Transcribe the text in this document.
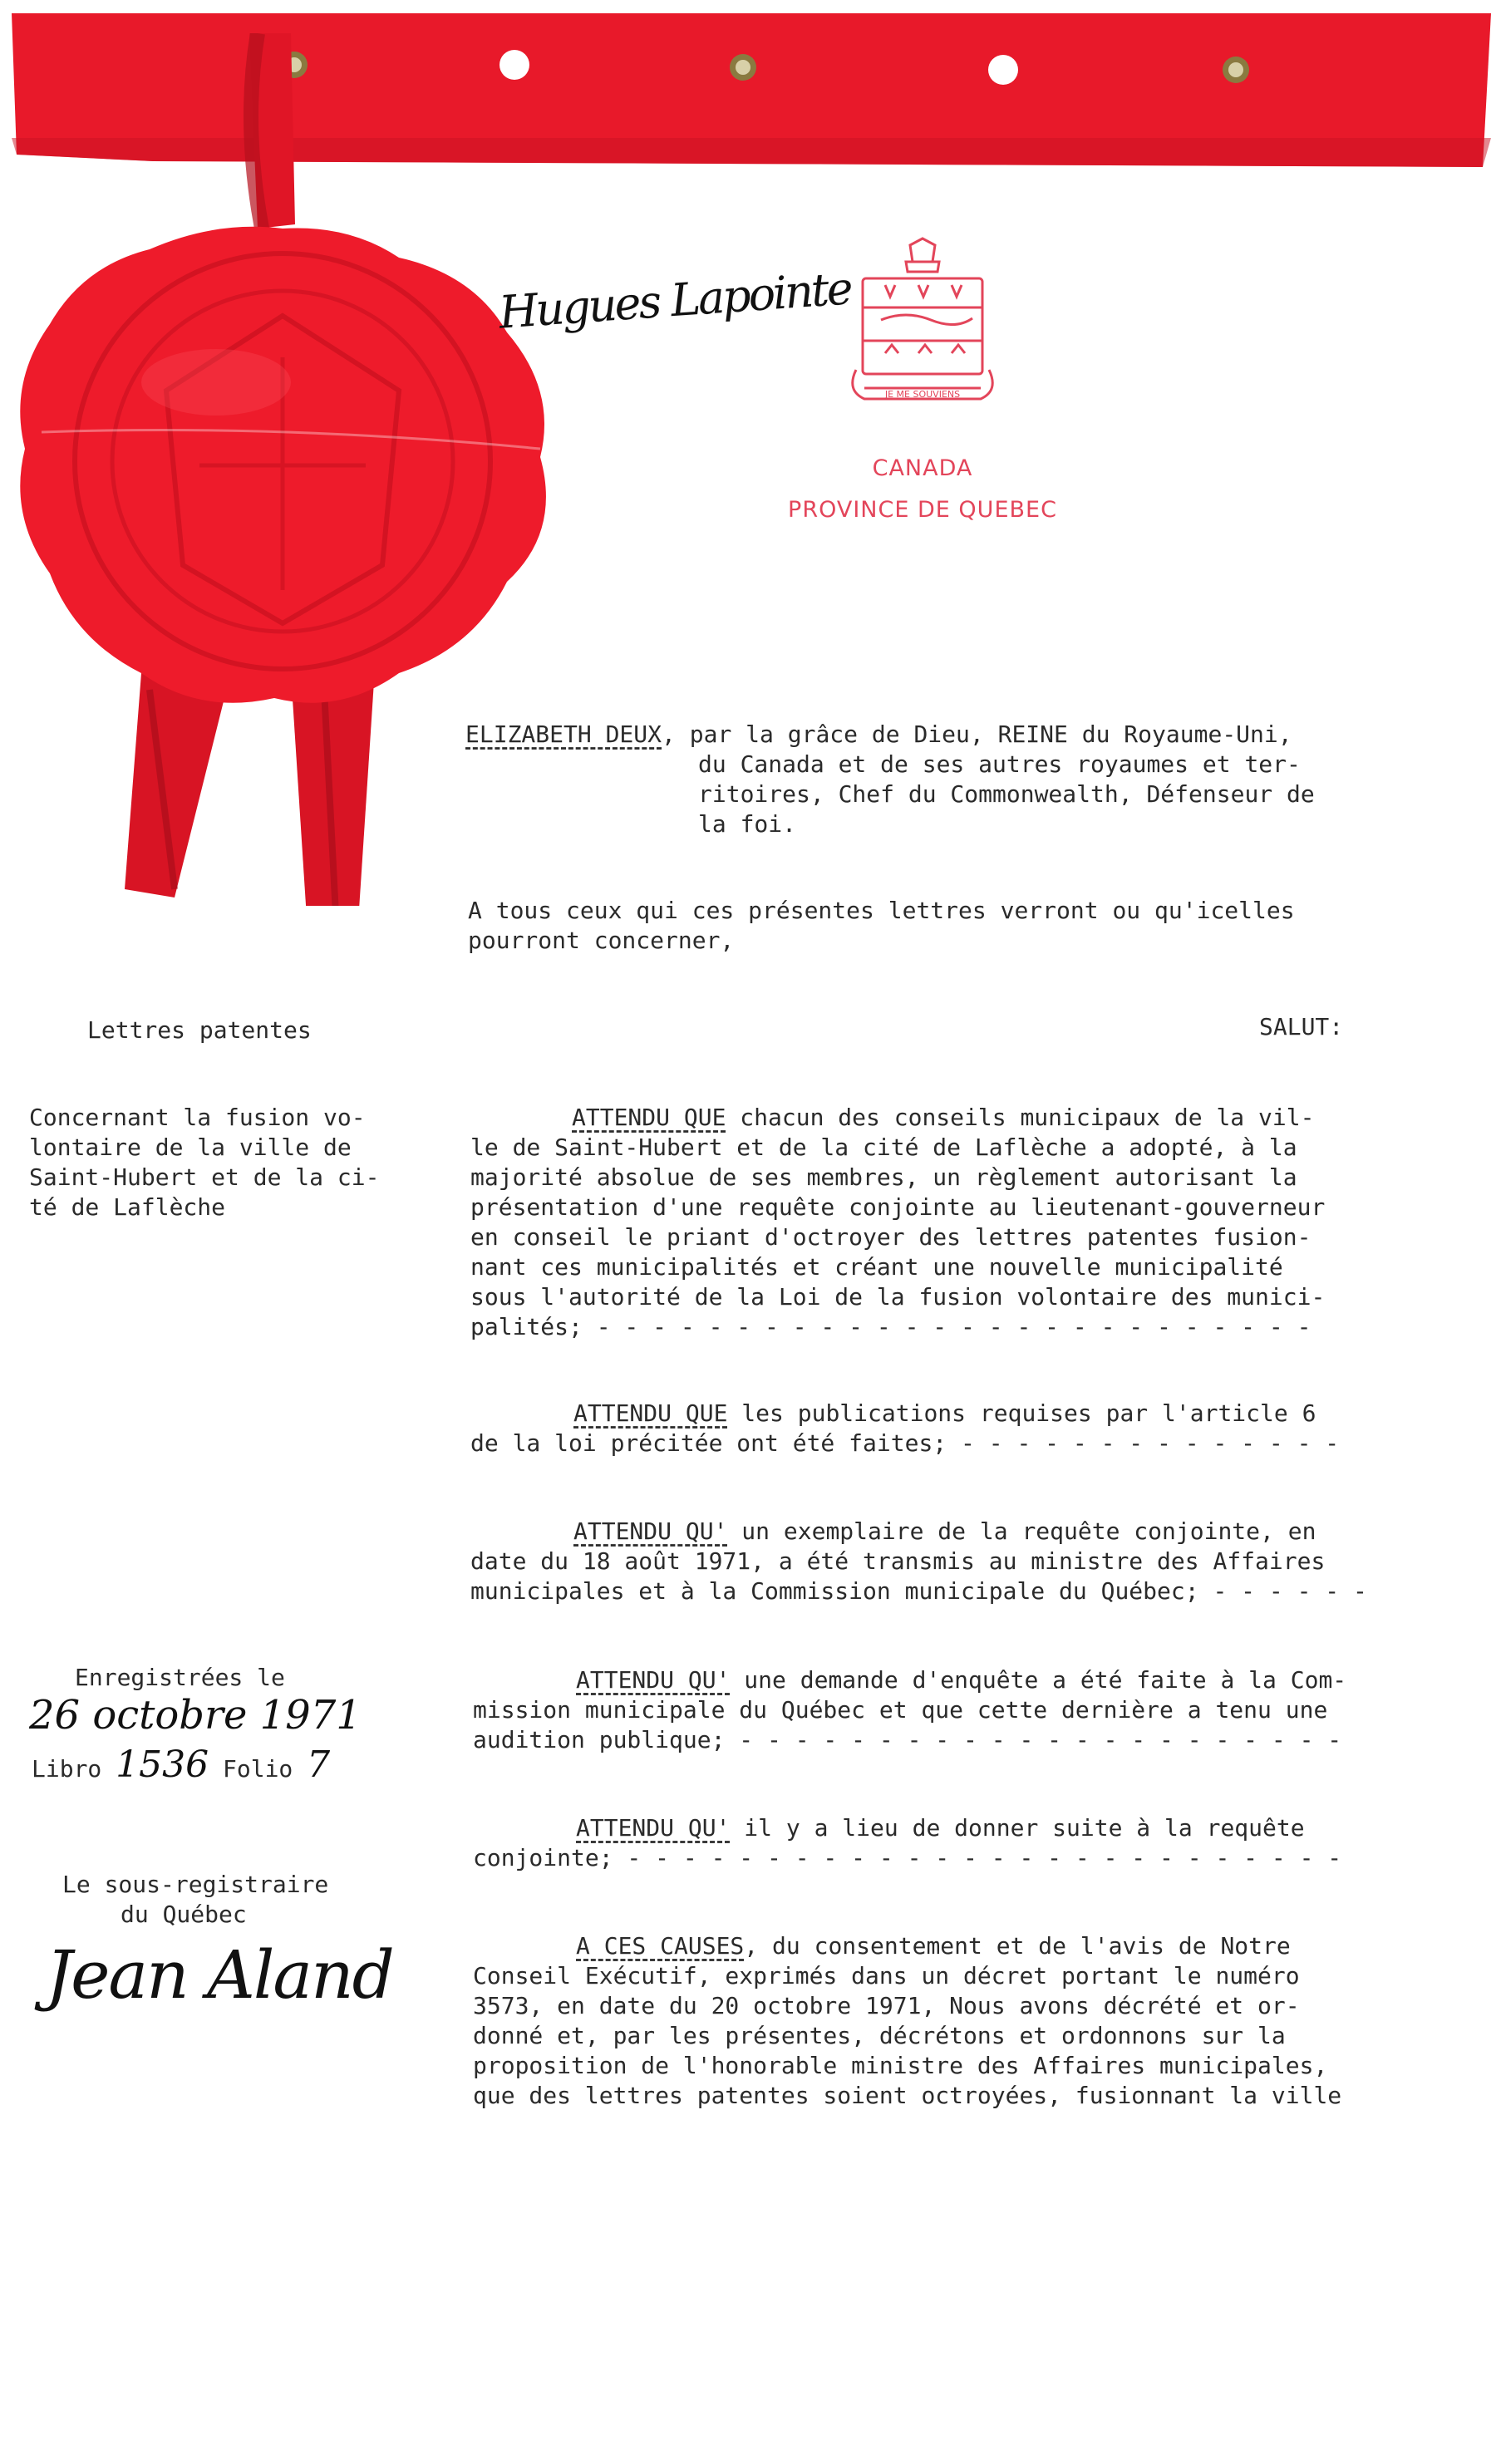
Hugues Lapointe
JE ME SOUVIENS
CANADA
PROVINCE DE QUEBEC
ELIZABETH DEUX, par la grâce de Dieu, REINE du Royaume-Uni,
du Canada et de ses autres royaumes et ter-
ritoires, Chef du Commonwealth, Défenseur de
la foi.
A tous ceux qui ces présentes lettres verront ou qu'icelles
pourront concerner,
Lettres patentes	SALUT:
Concernant la fusion vo-
lontaire de la ville de
Saint-Hubert et de la ci-
té de Laflèche
ATTENDU QUE chacun des conseils municipaux de la vil-
le de Saint-Hubert et de la cité de Laflèche a adopté, à la
majorité absolue de ses membres, un règlement autorisant la
présentation d'une requête conjointe au lieutenant-gouverneur
en conseil le priant d'octroyer des lettres patentes fusion-
nant ces municipalités et créant une nouvelle municipalité
sous l'autorité de la Loi de la fusion volontaire des munici-
palités; - - - - - - - - - - - - - - - - - - - - - - - - - -
ATTENDU QUE les publications requises par l'article 6
de la loi précitée ont été faites; - - - - - - - - - - - - - -
ATTENDU QU' un exemplaire de la requête conjointe, en
date du 18 août 1971, a été transmis au ministre des Affaires
municipales et à la Commission municipale du Québec; - - - - - -
Enregistrées le
26 octobre 1971
Libro 1536 Folio 7
ATTENDU QU' une demande d'enquête a été faite à la Com-
mission municipale du Québec et que cette dernière a tenu une
audition publique; - - - - - - - - - - - - - - - - - - - - - -
ATTENDU QU' il y a lieu de donner suite à la requête
conjointe; - - - - - - - - - - - - - - - - - - - - - - - - - -
Le sous-registraire
du Québec
Jean Aland	A CES CAUSES, du consentement et de l'avis de Notre
Conseil Exécutif, exprimés dans un décret portant le numéro
3573, en date du 20 octobre 1971, Nous avons décrété et or-
donné et, par les présentes, décrétons et ordonnons sur la
proposition de l'honorable ministre des Affaires municipales,
que des lettres patentes soient octroyées, fusionnant la ville
